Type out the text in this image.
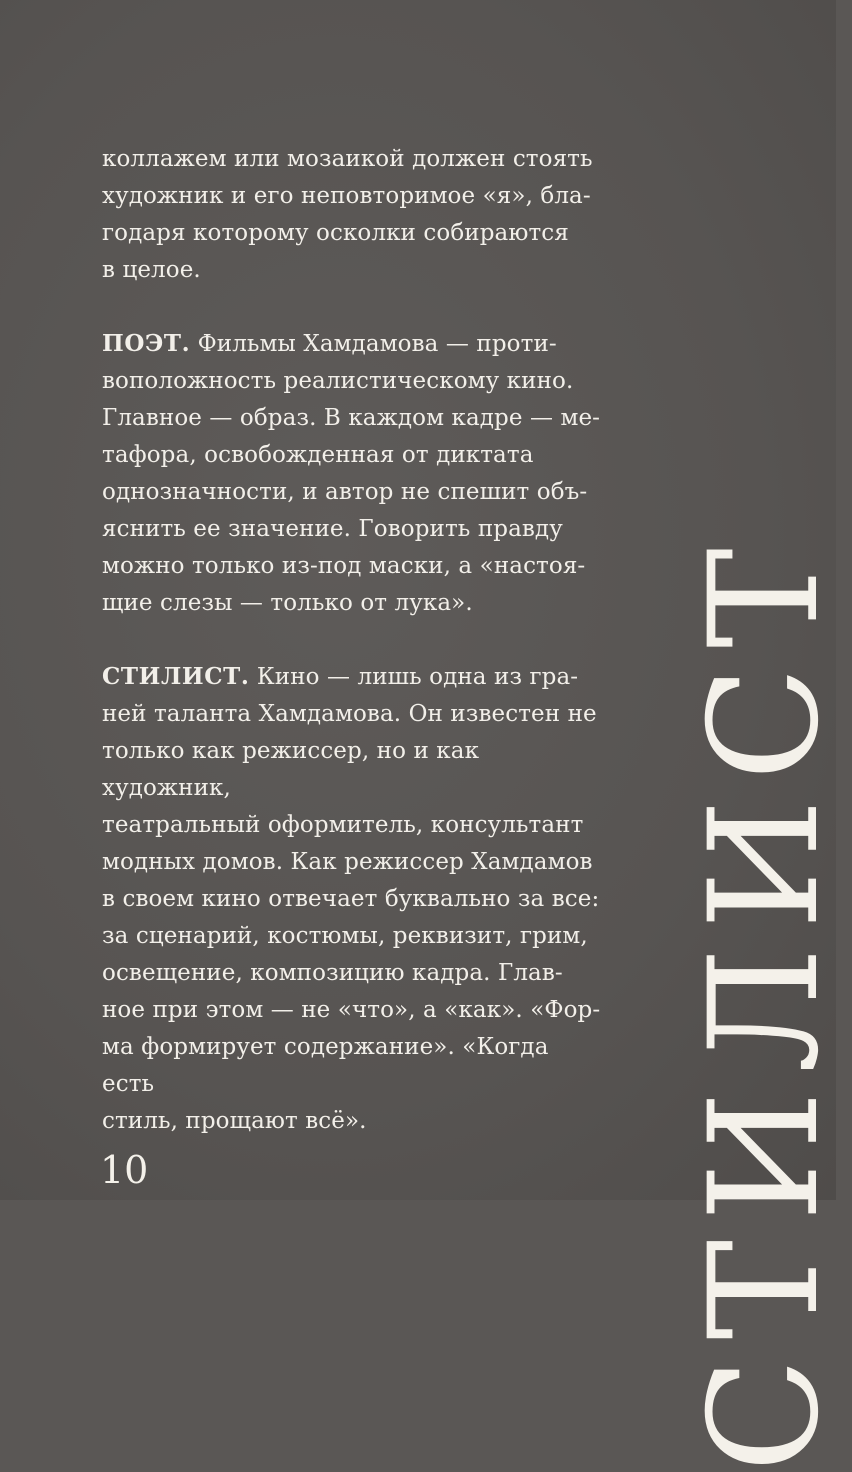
коллажем или мозаикой должен стоять
художник и его неповторимое «я», бла-
годаря которому осколки собираются
в целое.

ПОЭТ. Фильмы Хамдамова — проти-
воположность реалистическому кино.
Главное — образ. В каждом кадре — ме-
тафора, освобожденная от диктата
однозначности, и автор не спешит объ-
яснить ее значение. Говорить правду
можно только из-под маски, а «настоя-
щие слезы — только от лука».

СТИЛИСТ. Кино — лишь одна из гра-
ней таланта Хамдамова. Он известен не
только как режиссер, но и как художник,
театральный оформитель, консультант
модных домов. Как режиссер Хамдамов
в своем кино отвечает буквально за все:
за сценарий, костюмы, реквизит, грим,
освещение, композицию кадра. Глав-
ное при этом — не «что», а «как». «Фор-
ма формирует содержание». «Когда есть
стиль, прощают всё».	СТИЛИСТ
10
